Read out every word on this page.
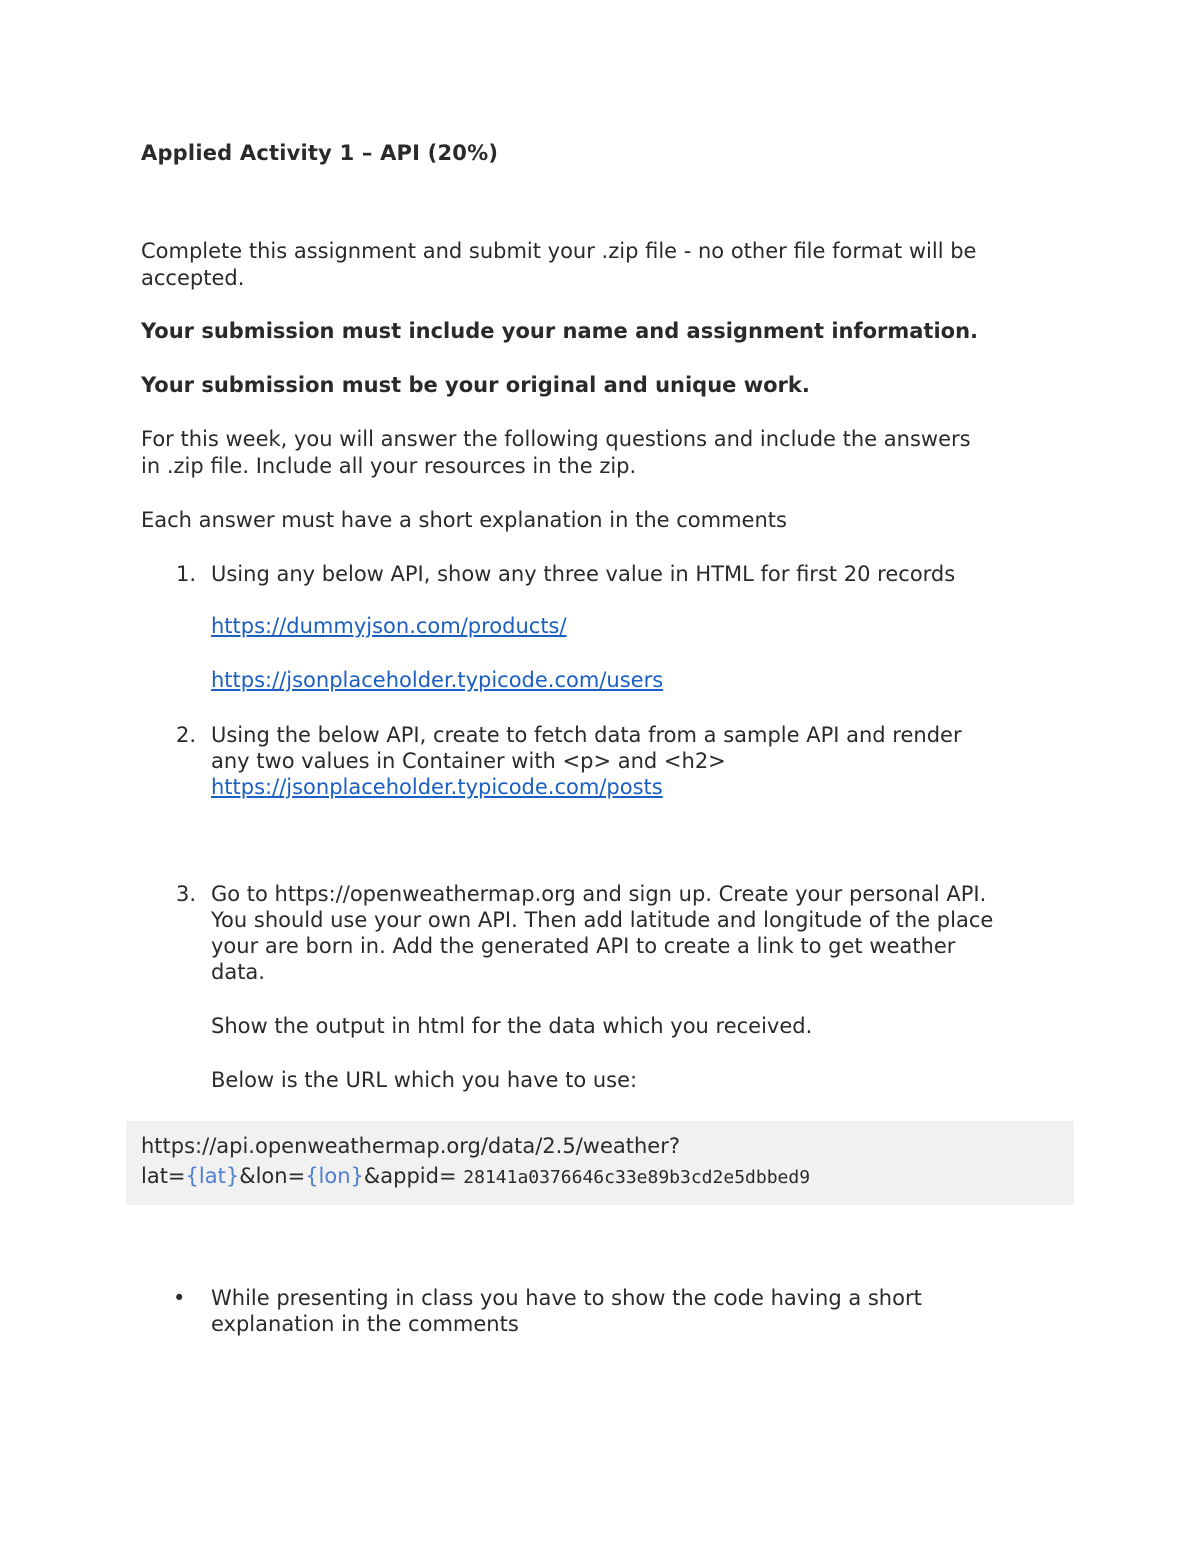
Applied Activity 1 – API (20%)
Complete this assignment and submit your .zip file - no other file format will be
accepted.
Your submission must include your name and assignment information.
Your submission must be your original and unique work.
For this week, you will answer the following questions and include the answers
in .zip file. Include all your resources in the zip.
Each answer must have a short explanation in the comments
1. Using any below API, show any three value in HTML for first 20 records
https://dummyjson.com/products/
https://jsonplaceholder.typicode.com/users
2. Using the below API, create to fetch data from a sample API and render
any two values in Container with <p> and <h2>
https://jsonplaceholder.typicode.com/posts
3. Go to https://openweathermap.org and sign up. Create your personal API.
You should use your own API. Then add latitude and longitude of the place
your are born in. Add the generated API to create a link to get weather
data.
Show the output in html for the data which you received.
Below is the URL which you have to use:
https://api.openweathermap.org/data/2.5/weather?
lat={lat}&lon={lon}&appid= 28141a0376646c33e89b3cd2e5dbbed9
• While presenting in class you have to show the code having a short
explanation in the comments
